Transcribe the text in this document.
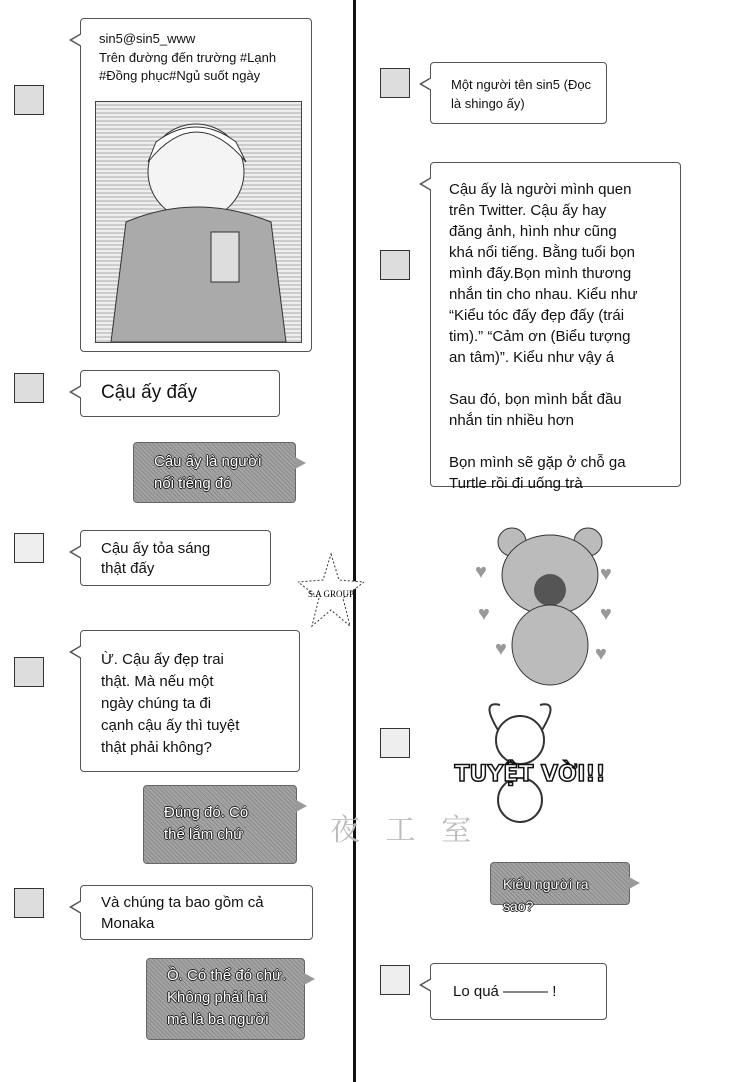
sin5@sin5_www
Trên đường đến trường #Lạnh
#Đồng phục#Ngủ suốt ngày
Cậu ấy đấy
Cậu ấy là người
nổi tiếng đó
Cậu ấy tỏa sáng
thật đấy
Ừ. Cậu ấy đẹp trai
thật. Mà nếu một
ngày chúng ta đi
cạnh cậu ấy thì tuyệt
thật phải không?
Đúng đó. Có
thể lắm chứ
Và chúng ta bao gồm cả
Monaka
Ồ. Có thể đó chứ.
Không phải hai
mà là ba người
Một người tên sin5 (Đọc
là shingo ấy)
Cậu ấy là người mình quen
trên Twitter. Cậu ấy hay
đăng ảnh, hình như cũng
khá nổi tiếng. Bằng tuổi bọn
mình đấy.Bọn mình thương
nhắn tin cho nhau. Kiểu như
“Kiểu tóc đấy đẹp đấy (trái
tim).” “Cảm ơn (Biểu tượng
an tâm)”. Kiểu như vậy á

Sau đó, bọn mình bắt đầu
nhắn tin nhiều hơn

Bọn mình sẽ gặp ở chỗ ga
Turtle rồi đi uống trà
♥	♥
♥	♥
♥	♥
S.A GROUP
TUYỆT VỜI!!
夜 工 室
Kiểu người ra sao?
Lo quá ——— !
